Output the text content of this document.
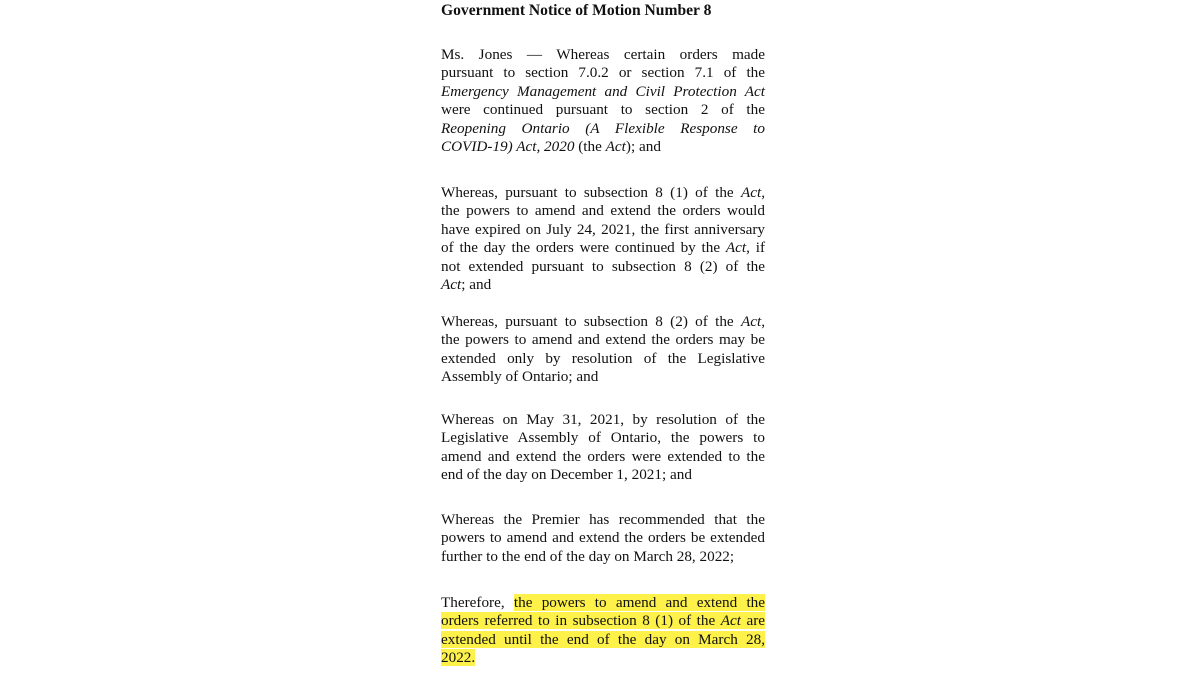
Government Notice of Motion Number 8
Ms. Jones — Whereas certain orders made
pursuant to section 7.0.2 or section 7.1 of the
Emergency Management and Civil Protection Act
were continued pursuant to section 2 of the
Reopening Ontario (A Flexible Response to
COVID-19) Act, 2020 (the Act); and
Whereas, pursuant to subsection 8 (1) of the Act,
the powers to amend and extend the orders would
have expired on July 24, 2021, the first anniversary
of the day the orders were continued by the Act, if
not extended pursuant to subsection 8 (2) of the
Act; and
Whereas, pursuant to subsection 8 (2) of the Act,
the powers to amend and extend the orders may be
extended only by resolution of the Legislative
Assembly of Ontario; and
Whereas on May 31, 2021, by resolution of the
Legislative Assembly of Ontario, the powers to
amend and extend the orders were extended to the
end of the day on December 1, 2021; and
Whereas the Premier has recommended that the
powers to amend and extend the orders be extended
further to the end of the day on March 28, 2022;
Therefore, the powers to amend and extend the
orders referred to in subsection 8 (1) of the Act are
extended until the end of the day on March 28,
2022.
